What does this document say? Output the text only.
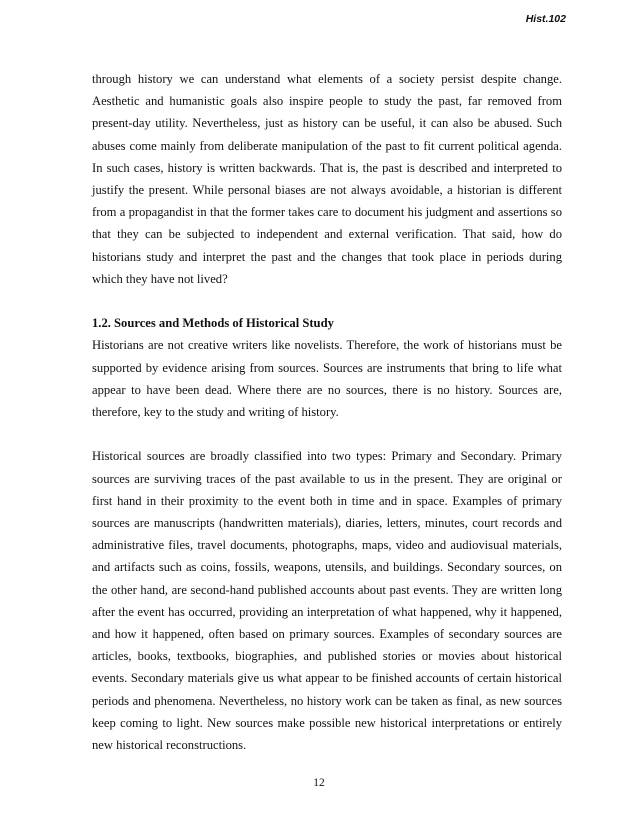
Hist.102

through history we can understand what elements of a society persist despite change. Aesthetic and humanistic goals also inspire people to study the past, far removed from present-day utility. Nevertheless, just as history can be useful, it can also be abused. Such abuses come mainly from deliberate manipulation of the past to fit current political agenda. In such cases, history is written backwards. That is, the past is described and interpreted to justify the present. While personal biases are not always avoidable, a historian is different from a propagandist in that the former takes care to document his judgment and assertions so that they can be subjected to independent and external verification. That said, how do historians study and interpret the past and the changes that took place in periods during which they have not lived?

1.2. Sources and Methods of Historical Study

Historians are not creative writers like novelists. Therefore, the work of historians must be supported by evidence arising from sources. Sources are instruments that bring to life what appear to have been dead. Where there are no sources, there is no history. Sources are, therefore, key to the study and writing of history.

Historical sources are broadly classified into two types: Primary and Secondary. Primary sources are surviving traces of the past available to us in the present. They are original or first hand in their proximity to the event both in time and in space. Examples of primary sources are manuscripts (handwritten materials), diaries, letters, minutes, court records and administrative files, travel documents, photographs, maps, video and audiovisual materials, and artifacts such as coins, fossils, weapons, utensils, and buildings. Secondary sources, on the other hand, are second-hand published accounts about past events. They are written long after the event has occurred, providing an interpretation of what happened, why it happened, and how it happened, often based on primary sources. Examples of secondary sources are articles, books, textbooks, biographies, and published stories or movies about historical events. Secondary materials give us what appear to be finished accounts of certain historical periods and phenomena. Nevertheless, no history work can be taken as final, as new sources keep coming to light. New sources make possible new historical interpretations or entirely new historical reconstructions.

12
